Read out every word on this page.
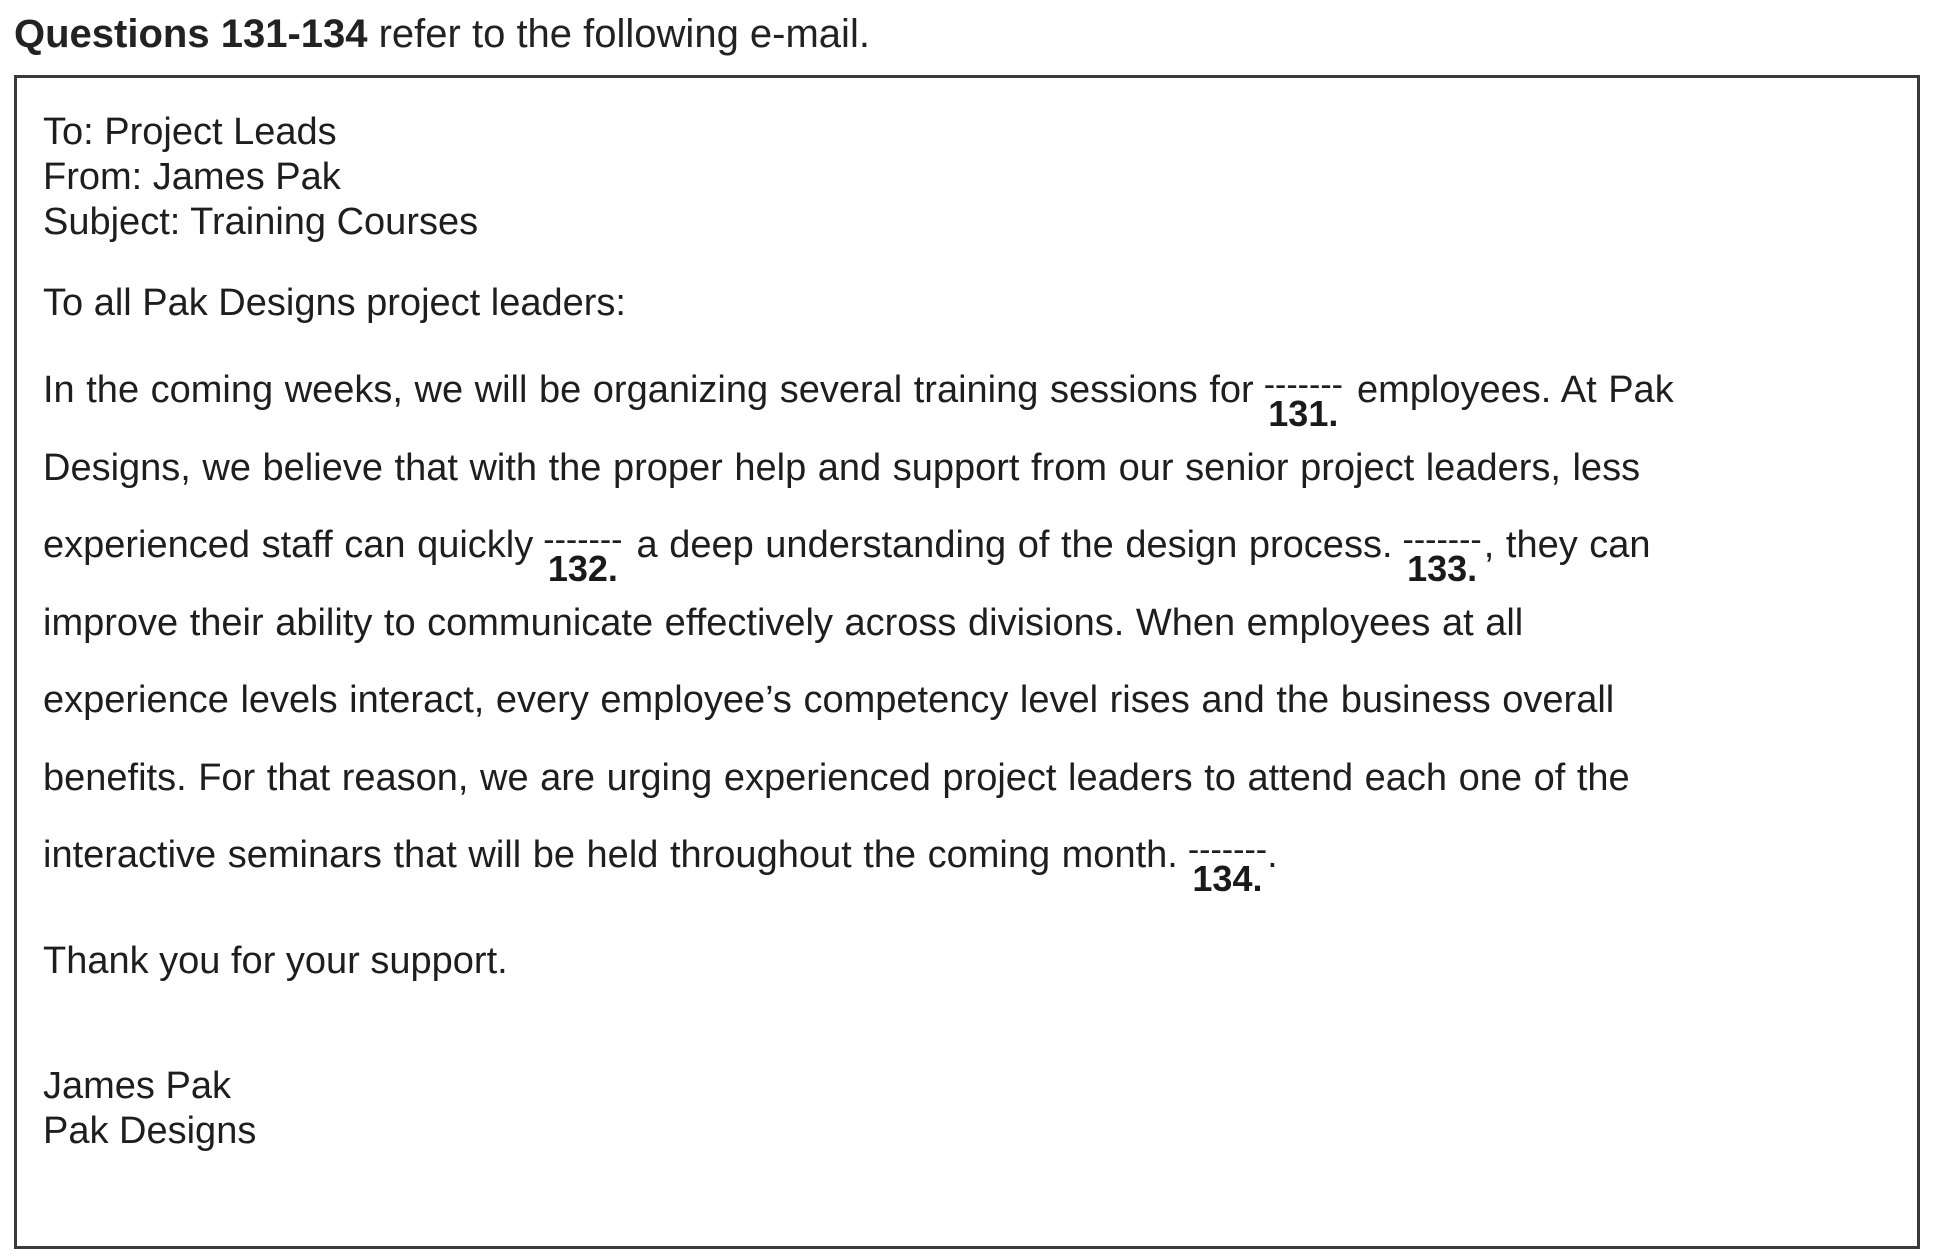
Questions 131-134 refer to the following e-mail.
To: Project Leads
From: James Pak
Subject: Training Courses
To all Pak Designs project leaders:
In the coming weeks, we will be organizing several training sessions for -------
131.
employees. At Pak
Designs, we believe that with the proper help and support from our senior project leaders, less
experienced staff can quickly -------
132.
a deep understanding of the design process. -------
133.
, they can
improve their ability to communicate effectively across divisions. When employees at all
experience levels interact, every employee’s competency level rises and the business overall
benefits. For that reason, we are urging experienced project leaders to attend each one of the
interactive seminars that will be held throughout the coming month. -------
134.
.
Thank you for your support.
James Pak
Pak Designs
